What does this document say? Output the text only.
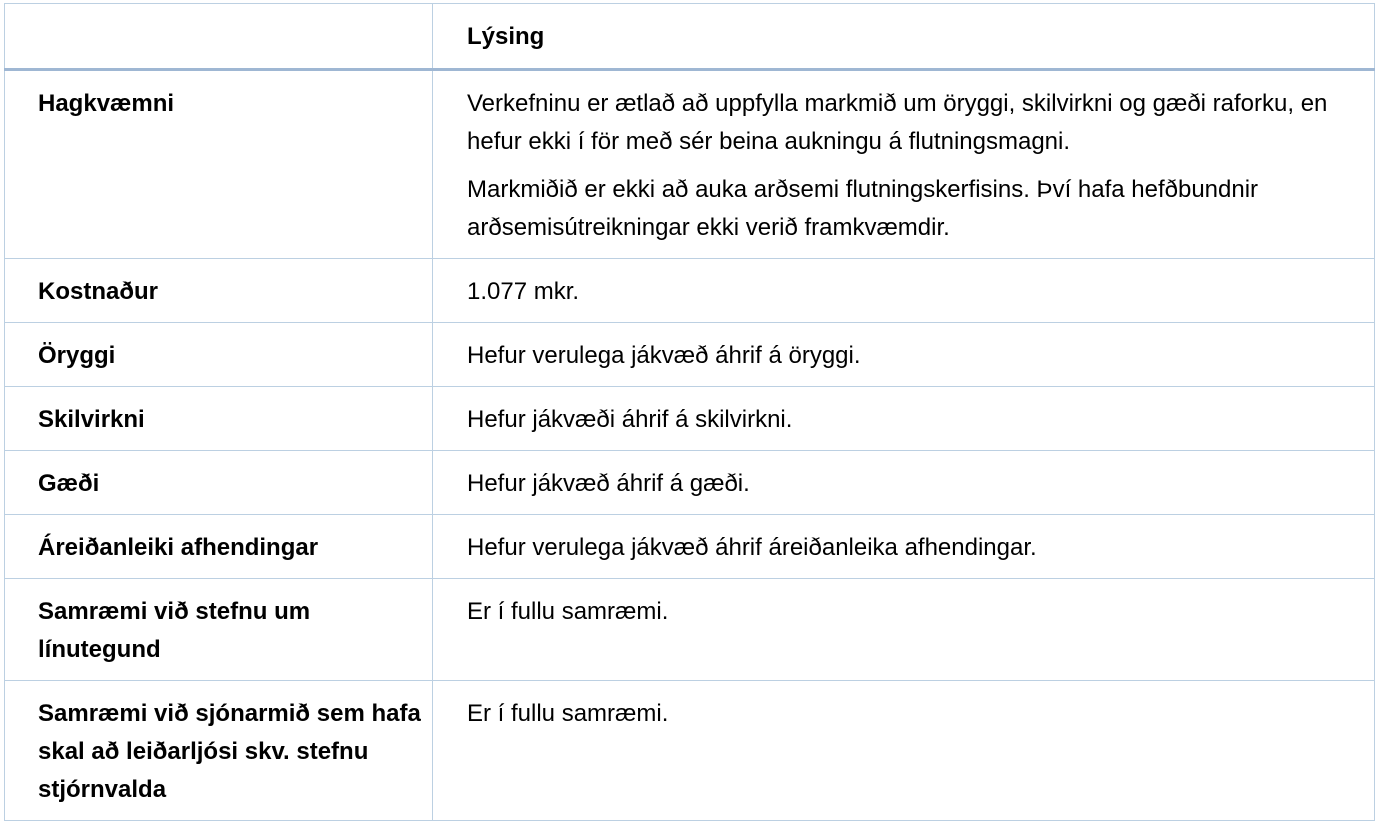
	Lýsing

Hagkvæmni	Verkefninu er ætlað að uppfylla markmið um öryggi, skilvirkni og gæði raforku, en hefur ekki í för með sér beina aukningu á flutningsmagni.
Markmiðið er ekki að auka arðsemi flutningskerfisins. Því hafa hefðbundnir arðsemisútreikningar ekki verið framkvæmdir.

Kostnaður	1.077 mkr.

Öryggi	Hefur verulega jákvæð áhrif á öryggi.

Skilvirkni	Hefur jákvæði áhrif á skilvirkni.

Gæði	Hefur jákvæð áhrif á gæði.

Áreiðanleiki afhendingar	Hefur verulega jákvæð áhrif áreiðanleika afhendingar.

Samræmi við stefnu um línutegund	Er í fullu samræmi.

Samræmi við sjónarmið sem hafa skal að leiðarljósi skv. stefnu stjórnvalda	Er í fullu samræmi.
